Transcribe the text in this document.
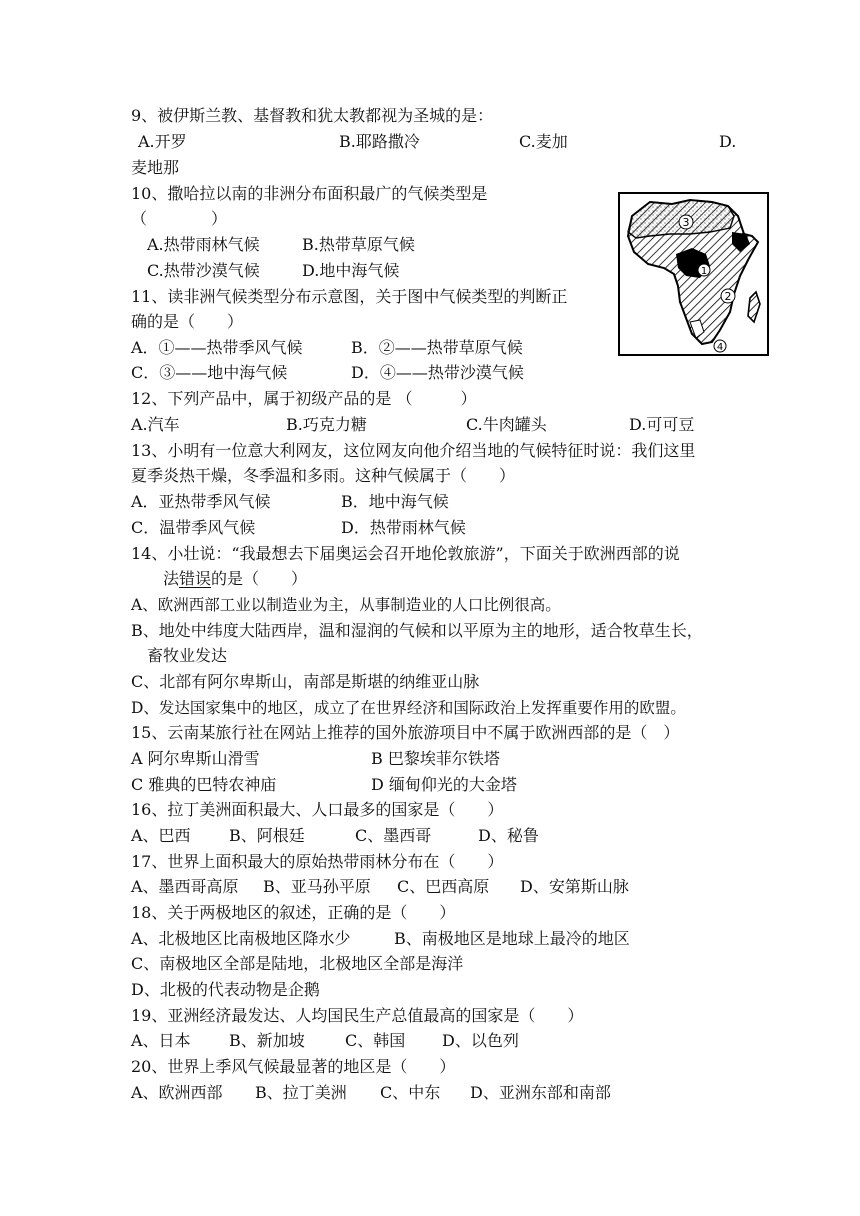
9、被伊斯兰教、基督教和犹太教都视为圣城的是：
A.开罗	B.耶路撒冷	C.麦加	D.
麦地那
10、撒哈拉以南的非洲分布面积最广的气候类型是
（　　　　）
A.热带雨林气候	B.热带草原气候
C.热带沙漠气候	D.地中海气候
3
1
2
4
11、读非洲气候类型分布示意图，关于图中气候类型的判断正
确的是（　　）
A．①——热带季风气候	B．②——热带草原气候
C．③——地中海气候	D．④——热带沙漠气候
12、下列产品中，属于初级产品的是 （　　　）
A.汽车	B.巧克力糖	C.牛肉罐头	D.可可豆
13、小明有一位意大利网友，这位网友向他介绍当地的气候特征时说：我们这里
夏季炎热干燥，冬季温和多雨。这种气候属于（　　）
A．亚热带季风气候	B．地中海气候
C．温带季风气候	D．热带雨林气候
14、小壮说：“我最想去下届奥运会召开地伦敦旅游”，下面关于欧洲西部的说
法错误的是（　　）
A、欧洲西部工业以制造业为主，从事制造业的人口比例很高。
B、地处中纬度大陆西岸，温和湿润的气候和以平原为主的地形，适合牧草生长，
畜牧业发达
C、北部有阿尔卑斯山，南部是斯堪的纳维亚山脉
D、发达国家集中的地区，成立了在世界经济和国际政治上发挥重要作用的欧盟。
15、云南某旅行社在网站上推荐的国外旅游项目中不属于欧洲西部的是（　）
A 阿尔卑斯山滑雪	B 巴黎埃菲尔铁塔
C 雅典的巴特农神庙	D 缅甸仰光的大金塔
16、拉丁美洲面积最大、人口最多的国家是（　　）
A、巴西 B、阿根廷	C、墨西哥	D、秘鲁
17、世界上面积最大的原始热带雨林分布在（　　）
A、墨西哥高原 B、亚马孙平原 C、巴西高原 D、安第斯山脉
18、关于两极地区的叙述，正确的是（　　）
A、北极地区比南极地区降水少	B、南极地区是地球上最冷的地区
C、南极地区全部是陆地，北极地区全部是海洋
D、北极的代表动物是企鹅
19、亚洲经济最发达、人均国民生产总值最高的国家是（　　）
A、日本 B、新加坡	C、韩国 D、以色列
20、世界上季风气候最显著的地区是（　　）
A、欧洲西部 B、拉丁美洲 C、中东 D、亚洲东部和南部
